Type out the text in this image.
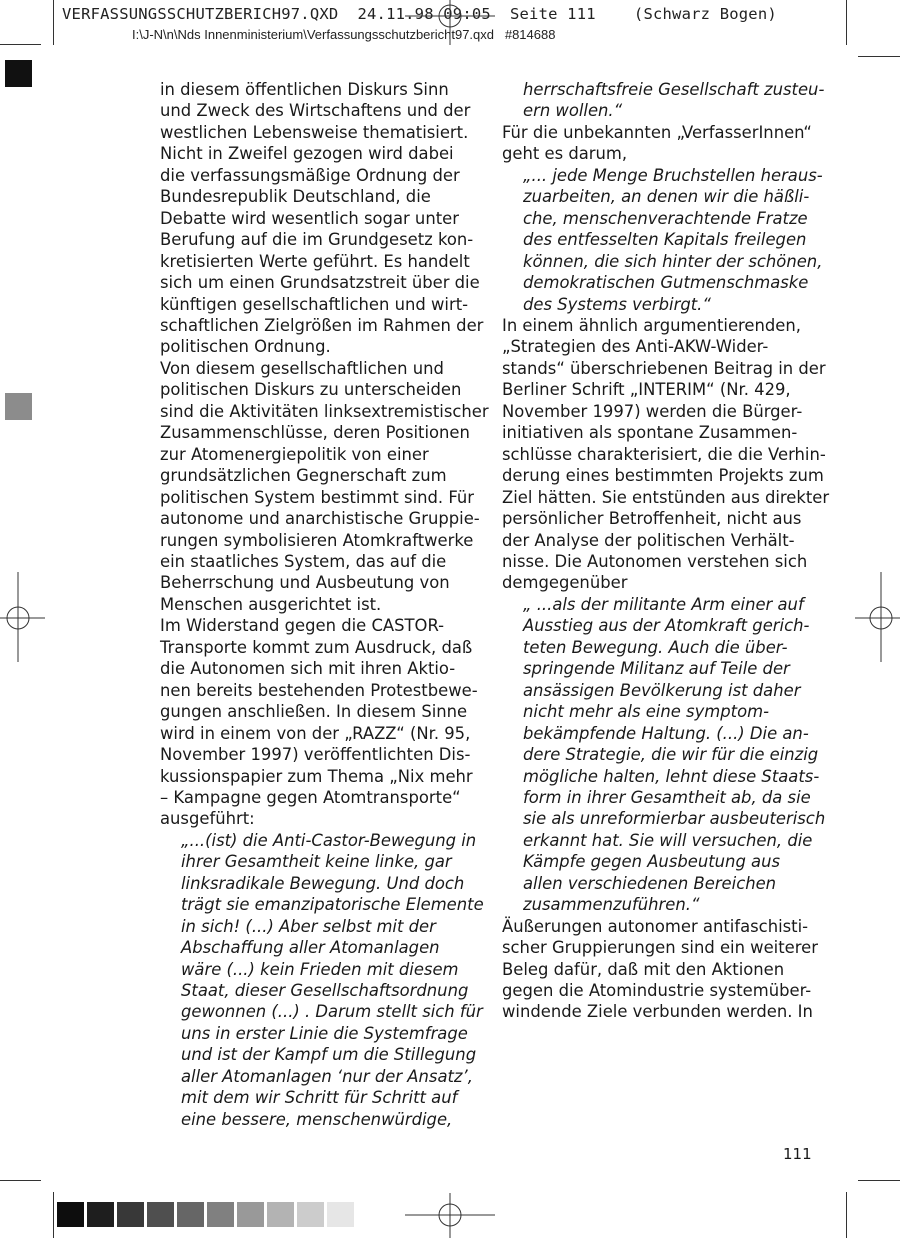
VERFASSUNGSSCHUTZBERICH97.QXD  24.11.98 09:05  Seite 111    (Schwarz Bogen)
I:\J-N\n\Nds Innenministerium\Verfassungsschutzbericht97.qxd   #814688

in diesem öffentlichen Diskurs Sinn

und Zweck des Wirtschaftens und der

westlichen Lebensweise thematisiert.

Nicht in Zweifel gezogen wird dabei

die verfassungsmäßige Ordnung der

Bundesrepublik Deutschland, die

Debatte wird wesentlich sogar unter

Berufung auf die im Grundgesetz kon-

kretisierten Werte geführt. Es handelt

sich um einen Grundsatzstreit über die

künftigen gesellschaftlichen und wirt-

schaftlichen Zielgrößen im Rahmen der

politischen Ordnung.

Von diesem gesellschaftlichen und

politischen Diskurs zu unterscheiden

sind die Aktivitäten linksextremistischer

Zusammenschlüsse, deren Positionen

zur Atomenergiepolitik von einer

grundsätzlichen Gegnerschaft zum

politischen System bestimmt sind. Für

autonome und anarchistische Gruppie-

rungen symbolisieren Atomkraftwerke

ein staatliches System, das auf die

Beherrschung und Ausbeutung von

Menschen ausgerichtet ist.

Im Widerstand gegen die CASTOR-

Transporte kommt zum Ausdruck, daß

die Autonomen sich mit ihren Aktio-

nen bereits bestehenden Protestbewe-

gungen anschließen. In diesem Sinne

wird in einem von der „RAZZ“ (Nr. 95,

November 1997) veröffentlichten Dis-

kussionspapier zum Thema „Nix mehr

– Kampagne gegen Atomtransporte“

ausgeführt:

„...(ist) die Anti-Castor-Bewegung in

ihrer Gesamtheit keine linke, gar

linksradikale Bewegung. Und doch

trägt sie emanzipatorische Elemente

in sich! (...) Aber selbst mit der

Abschaffung aller Atomanlagen

wäre (...) kein Frieden mit diesem

Staat, dieser Gesellschaftsordnung

gewonnen (...) . Darum stellt sich für

uns in erster Linie die Systemfrage

und ist der Kampf um die Stillegung

aller Atomanlagen ‘nur der Ansatz’,

mit dem wir Schritt für Schritt auf

eine bessere, menschenwürdige,

herrschaftsfreie Gesellschaft zusteu-

ern wollen.“

Für die unbekannten „VerfasserInnen“

geht es darum,

„... jede Menge Bruchstellen heraus-

zuarbeiten, an denen wir die häßli-

che, menschenverachtende Fratze

des entfesselten Kapitals freilegen

können, die sich hinter der schönen,

demokratischen Gutmenschmaske

des Systems verbirgt.“

In einem ähnlich argumentierenden,

„Strategien des Anti-AKW-Wider-

stands“ überschriebenen Beitrag in der

Berliner Schrift „INTERIM“ (Nr. 429,

November 1997) werden die Bürger-

initiativen als spontane Zusammen-

schlüsse charakterisiert, die die Verhin-

derung eines bestimmten Projekts zum

Ziel hätten. Sie entstünden aus direkter

persönlicher Betroffenheit, nicht aus

der Analyse der politischen Verhält-

nisse. Die Autonomen verstehen sich

demgegenüber

„ ...als der militante Arm einer auf

Ausstieg aus der Atomkraft gerich-

teten Bewegung. Auch die über-

springende Militanz auf Teile der

ansässigen Bevölkerung ist daher

nicht mehr als eine symptom-

bekämpfende Haltung. (...) Die an-

dere Strategie, die wir für die einzig

mögliche halten, lehnt diese Staats-

form in ihrer Gesamtheit ab, da sie

sie als unreformierbar ausbeuterisch

erkannt hat. Sie will versuchen, die

Kämpfe gegen Ausbeutung aus

allen verschiedenen Bereichen

zusammenzuführen.“

Äußerungen autonomer antifaschisti-

scher Gruppierungen sind ein weiterer

Beleg dafür, daß mit den Aktionen

gegen die Atomindustrie systemüber-

windende Ziele verbunden werden. In

111
